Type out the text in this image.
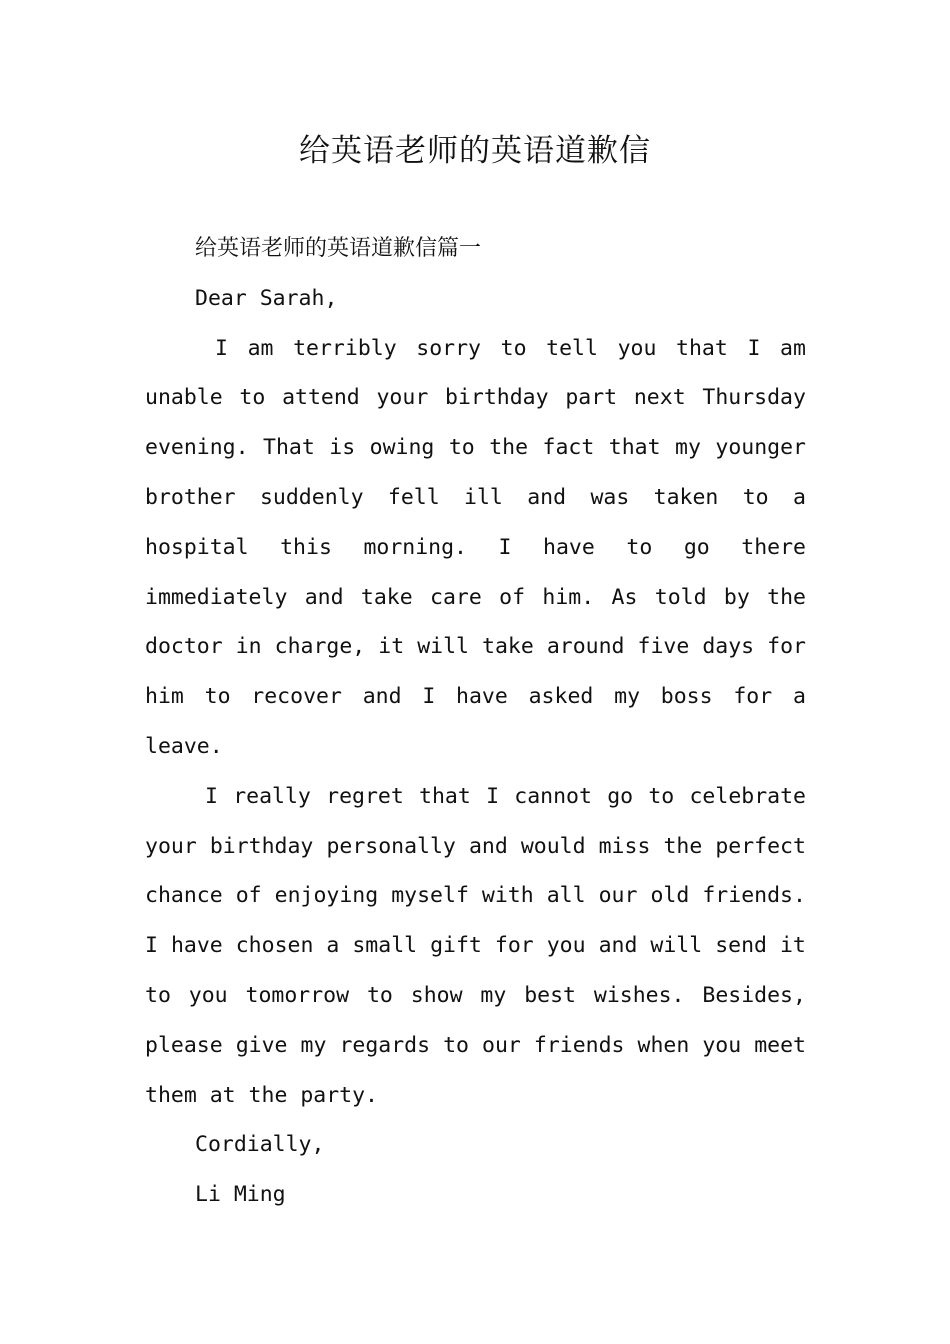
给英语老师的英语道歉信
给英语老师的英语道歉信篇一
Dear Sarah,
I am terribly sorry to tell you that I am
unable to attend your birthday part next Thursday
evening. That is owing to the fact that my younger
brother suddenly fell ill and was taken to a
hospital this morning. I have to go there
immediately and take care of him. As told by the
doctor in charge, it will take around five days for
him to recover and I have asked my boss for a
leave.
I really regret that I cannot go to celebrate
your birthday personally and would miss the perfect
chance of enjoying myself with all our old friends.
I have chosen a small gift for you and will send it
to you tomorrow to show my best wishes. Besides,
please give my regards to our friends when you meet
them at the party.
Cordially,
Li Ming
